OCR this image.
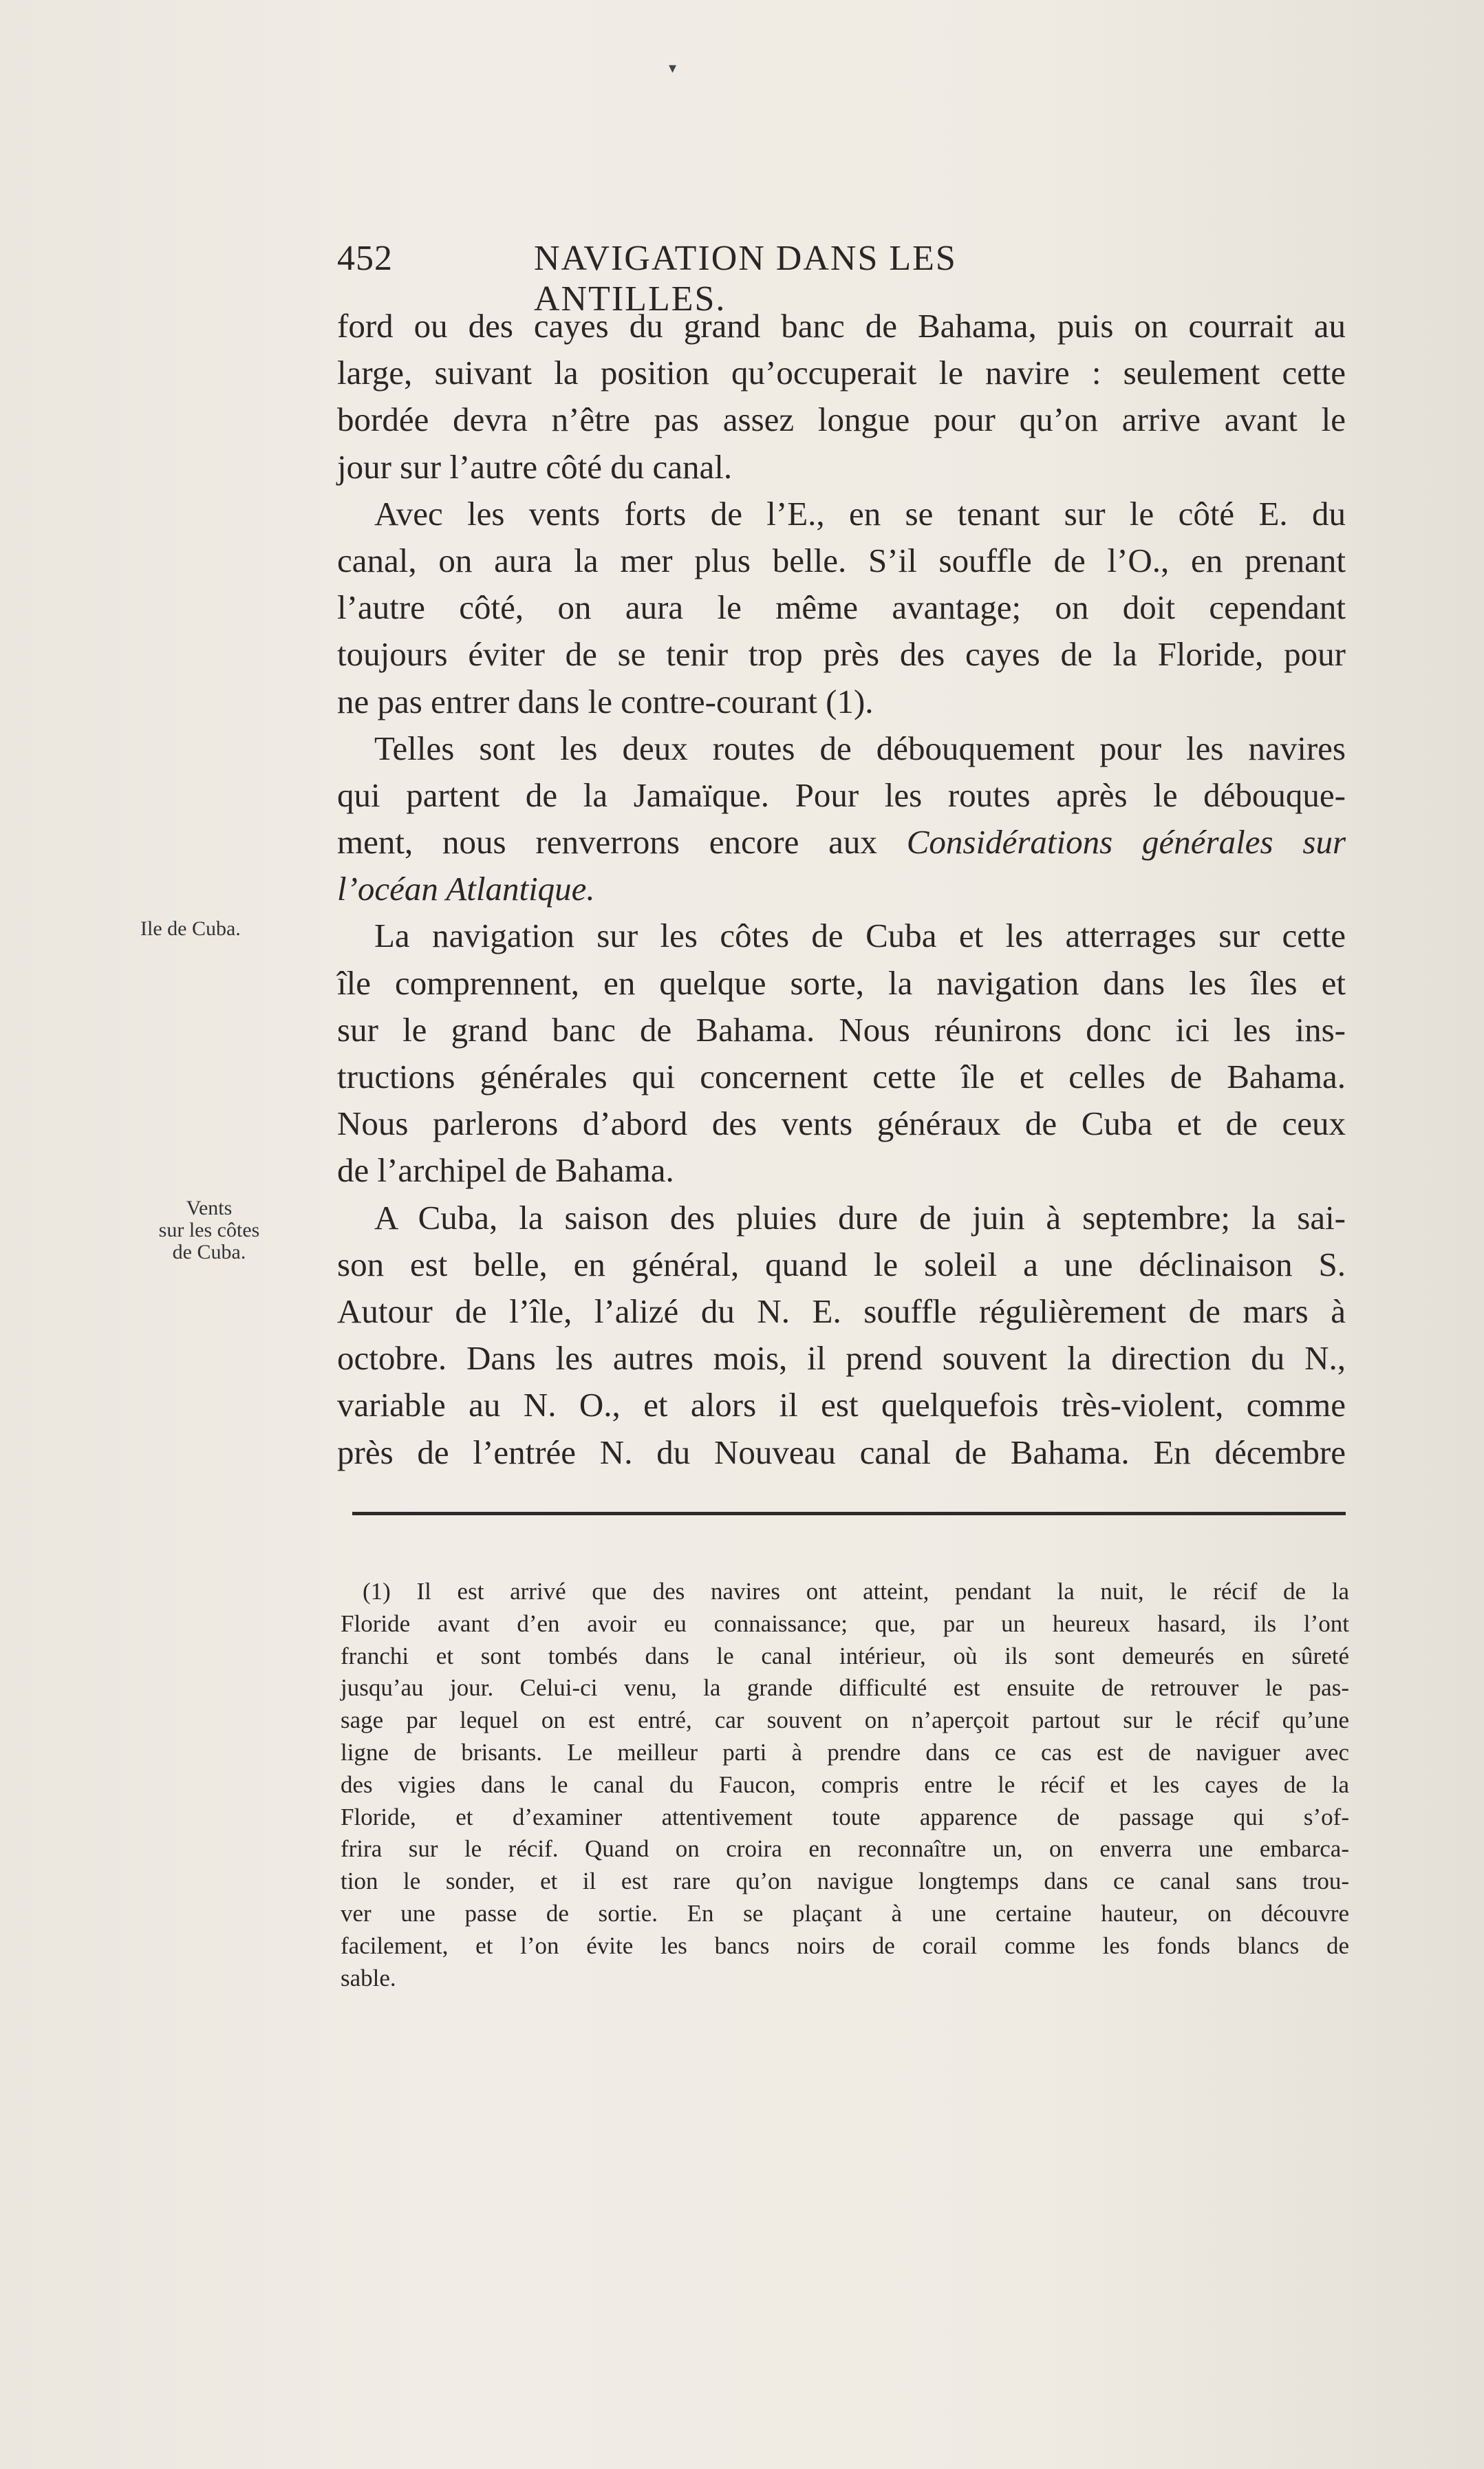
▾
452	NAVIGATION DANS LES ANTILLES.
ford ou des cayes du grand banc de Bahama, puis on courrait au
large, suivant la position qu’occuperait le navire : seulement cette
bordée devra n’être pas assez longue pour qu’on arrive avant le
jour sur l’autre côté du canal.
Avec les vents forts de l’E., en se tenant sur le côté E. du
canal, on aura la mer plus belle. S’il souffle de l’O., en prenant
l’autre côté, on aura le même avantage; on doit cependant
toujours éviter de se tenir trop près des cayes de la Floride, pour
ne pas entrer dans le contre-courant (1).
Telles sont les deux routes de débouquement pour les navires
qui partent de la Jamaïque. Pour les routes après le débouque-
ment, nous renverrons encore aux Considérations générales sur
l’océan Atlantique.
La navigation sur les côtes de Cuba et les atterrages sur cette
île comprennent, en quelque sorte, la navigation dans les îles et
sur le grand banc de Bahama. Nous réunirons donc ici les ins-
tructions générales qui concernent cette île et celles de Bahama.
Nous parlerons d’abord des vents généraux de Cuba et de ceux
de l’archipel de Bahama.
A Cuba, la saison des pluies dure de juin à septembre; la sai-
son est belle, en général, quand le soleil a une déclinaison S.
Autour de l’île, l’alizé du N. E. souffle régulièrement de mars à
octobre. Dans les autres mois, il prend souvent la direction du N.,
variable au N. O., et alors il est quelquefois très-violent, comme
près de l’entrée N. du Nouveau canal de Bahama. En décembre
Ile de Cuba.
Vents
sur les côtes
de Cuba.
(1) Il est arrivé que des navires ont atteint, pendant la nuit, le récif de la
Floride avant d’en avoir eu connaissance; que, par un heureux hasard, ils l’ont
franchi et sont tombés dans le canal intérieur, où ils sont demeurés en sûreté
jusqu’au jour. Celui-ci venu, la grande difficulté est ensuite de retrouver le pas-
sage par lequel on est entré, car souvent on n’aperçoit partout sur le récif qu’une
ligne de brisants. Le meilleur parti à prendre dans ce cas est de naviguer avec
des vigies dans le canal du Faucon, compris entre le récif et les cayes de la
Floride, et d’examiner attentivement toute apparence de passage qui s’of-
frira sur le récif. Quand on croira en reconnaître un, on enverra une embarca-
tion le sonder, et il est rare qu’on navigue longtemps dans ce canal sans trou-
ver une passe de sortie. En se plaçant à une certaine hauteur, on découvre
facilement, et l’on évite les bancs noirs de corail comme les fonds blancs de
sable.
